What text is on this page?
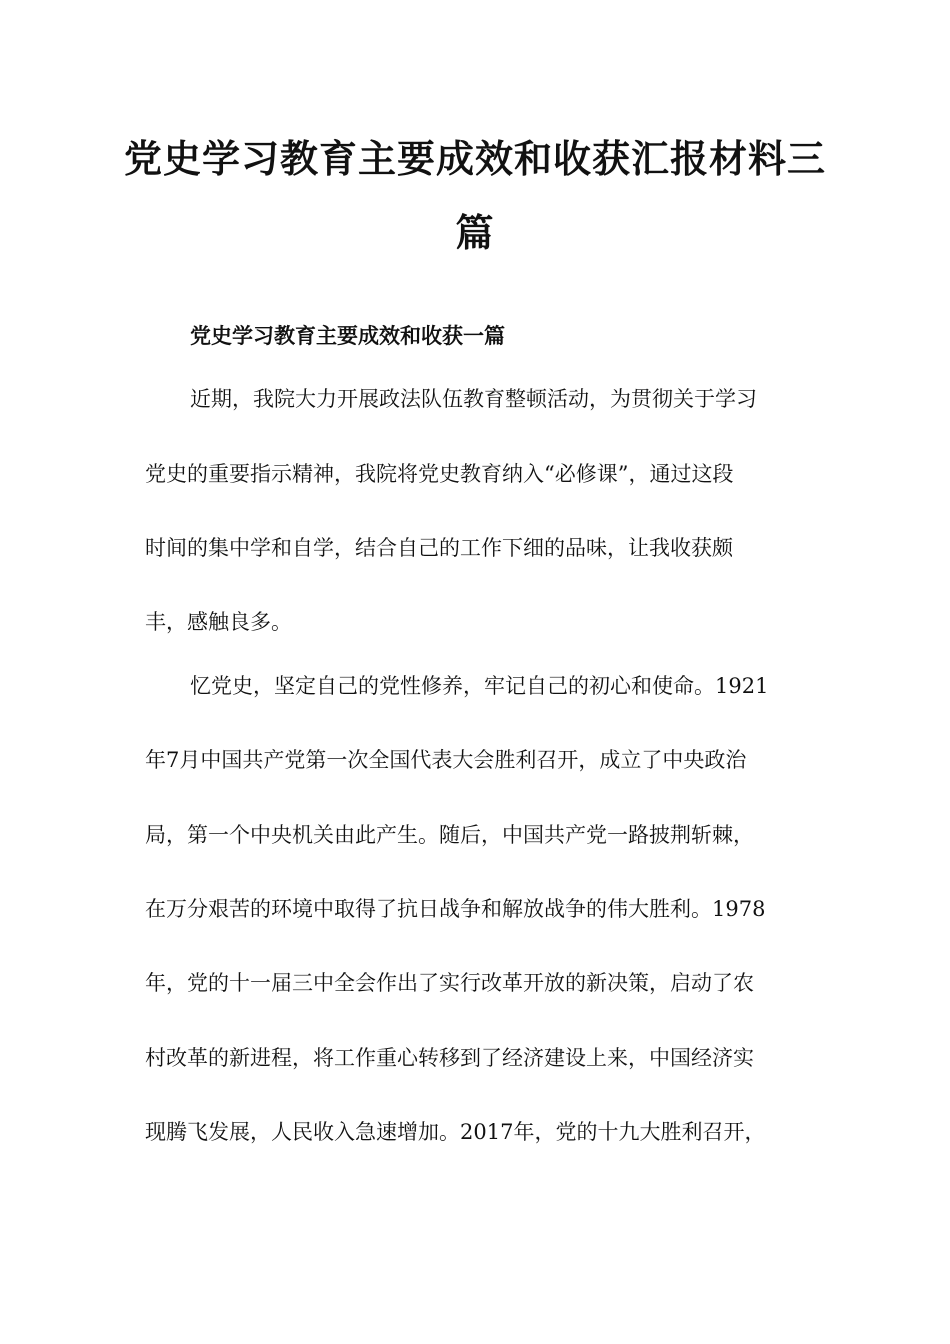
党史学习教育主要成效和收获汇报材料三
篇
党史学习教育主要成效和收获一篇
近期，我院大力开展政法队伍教育整顿活动，为贯彻关于学习
党史的重要指示精神，我院将党史教育纳入“必修课”，通过这段
时间的集中学和自学，结合自己的工作下细的品味，让我收获颇
丰，感触良多。
忆党史，坚定自己的党性修养，牢记自己的初心和使命。1921
年7月中国共产党第一次全国代表大会胜利召开，成立了中央政治
局，第一个中央机关由此产生。随后，中国共产党一路披荆斩棘，
在万分艰苦的环境中取得了抗日战争和解放战争的伟大胜利。1978
年，党的十一届三中全会作出了实行改革开放的新决策，启动了农
村改革的新进程，将工作重心转移到了经济建设上来，中国经济实
现腾飞发展，人民收入急速增加。2017年，党的十九大胜利召开，
